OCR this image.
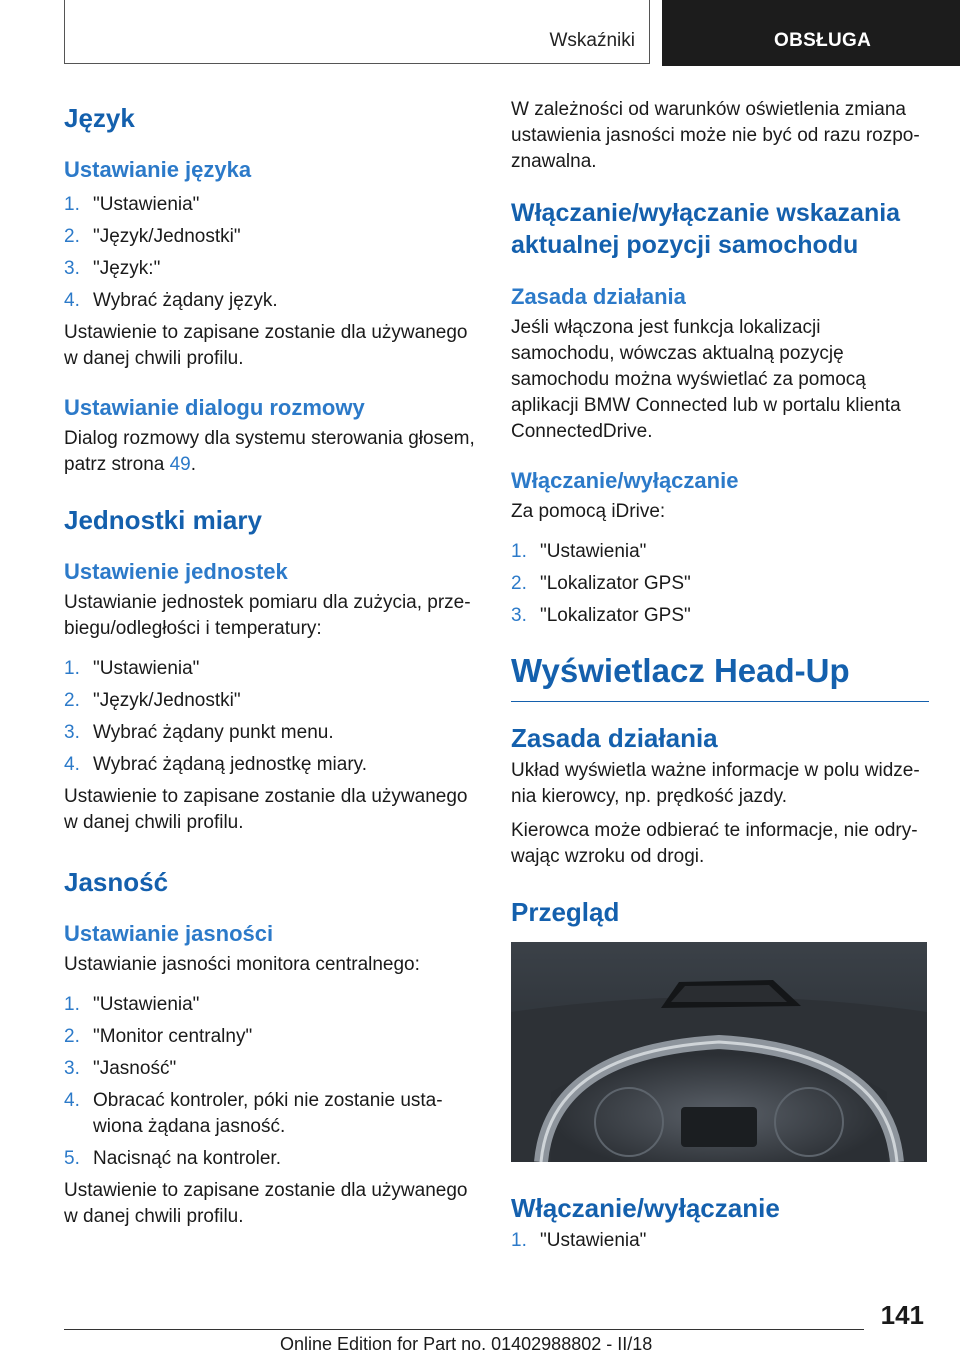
Wskaźniki	OBSŁUGA
Język
Ustawianie języka
1. "Ustawienia"
2. "Język/Jednostki"
3. "Język:"
4. Wybrać żądany język.

Ustawienie to zapisane zostanie dla używanego w danej chwili profilu.

Ustawianie dialogu rozmowy

Dialog rozmowy dla systemu sterowania głosem, patrz strona 49.

Jednostki miary
Ustawienie jednostek

Ustawianie jednostek pomiaru dla zużycia, przebiegu/odległości i temperatury:

1. "Ustawienia"
2. "Język/Jednostki"
3. Wybrać żądany punkt menu.
4. Wybrać żądaną jednostkę miary.

Ustawienie to zapisane zostanie dla używanego w danej chwili profilu.

Jasność
Ustawianie jasności

Ustawianie jasności monitora centralnego:

1. "Ustawienia"
2. "Monitor centralny"
3. "Jasność"
4. Obracać kontroler, póki nie zostanie ustawiona żądana jasność.
5. Nacisnąć na kontroler.

Ustawienie to zapisane zostanie dla używanego w danej chwili profilu.

W zależności od warunków oświetlenia zmiana ustawienia jasności może nie być od razu rozpoznawalna.

Włączanie/wyłączanie wskazania aktualnej pozycji samochodu
Zasada działania

Jeśli włączona jest funkcja lokalizacji samochodu, wówczas aktualną pozycję samochodu można wyświetlać za pomocą aplikacji BMW Connected lub w portalu klienta ConnectedDrive.

Włączanie/wyłączanie

Za pomocą iDrive:

1. "Ustawienia"
2. "Lokalizator GPS"
3. "Lokalizator GPS"
Wyświetlacz Head-Up
Zasada działania

Układ wyświetla ważne informacje w polu widzenia kierowcy, np. prędkość jazdy.

Kierowca może odbierać te informacje, nie odrywając wzroku od drogi.

Przegląd
Włączanie/wyłączanie
1. "Ustawienia"
141
Online Edition for Part no. 01402988802 - II/18
